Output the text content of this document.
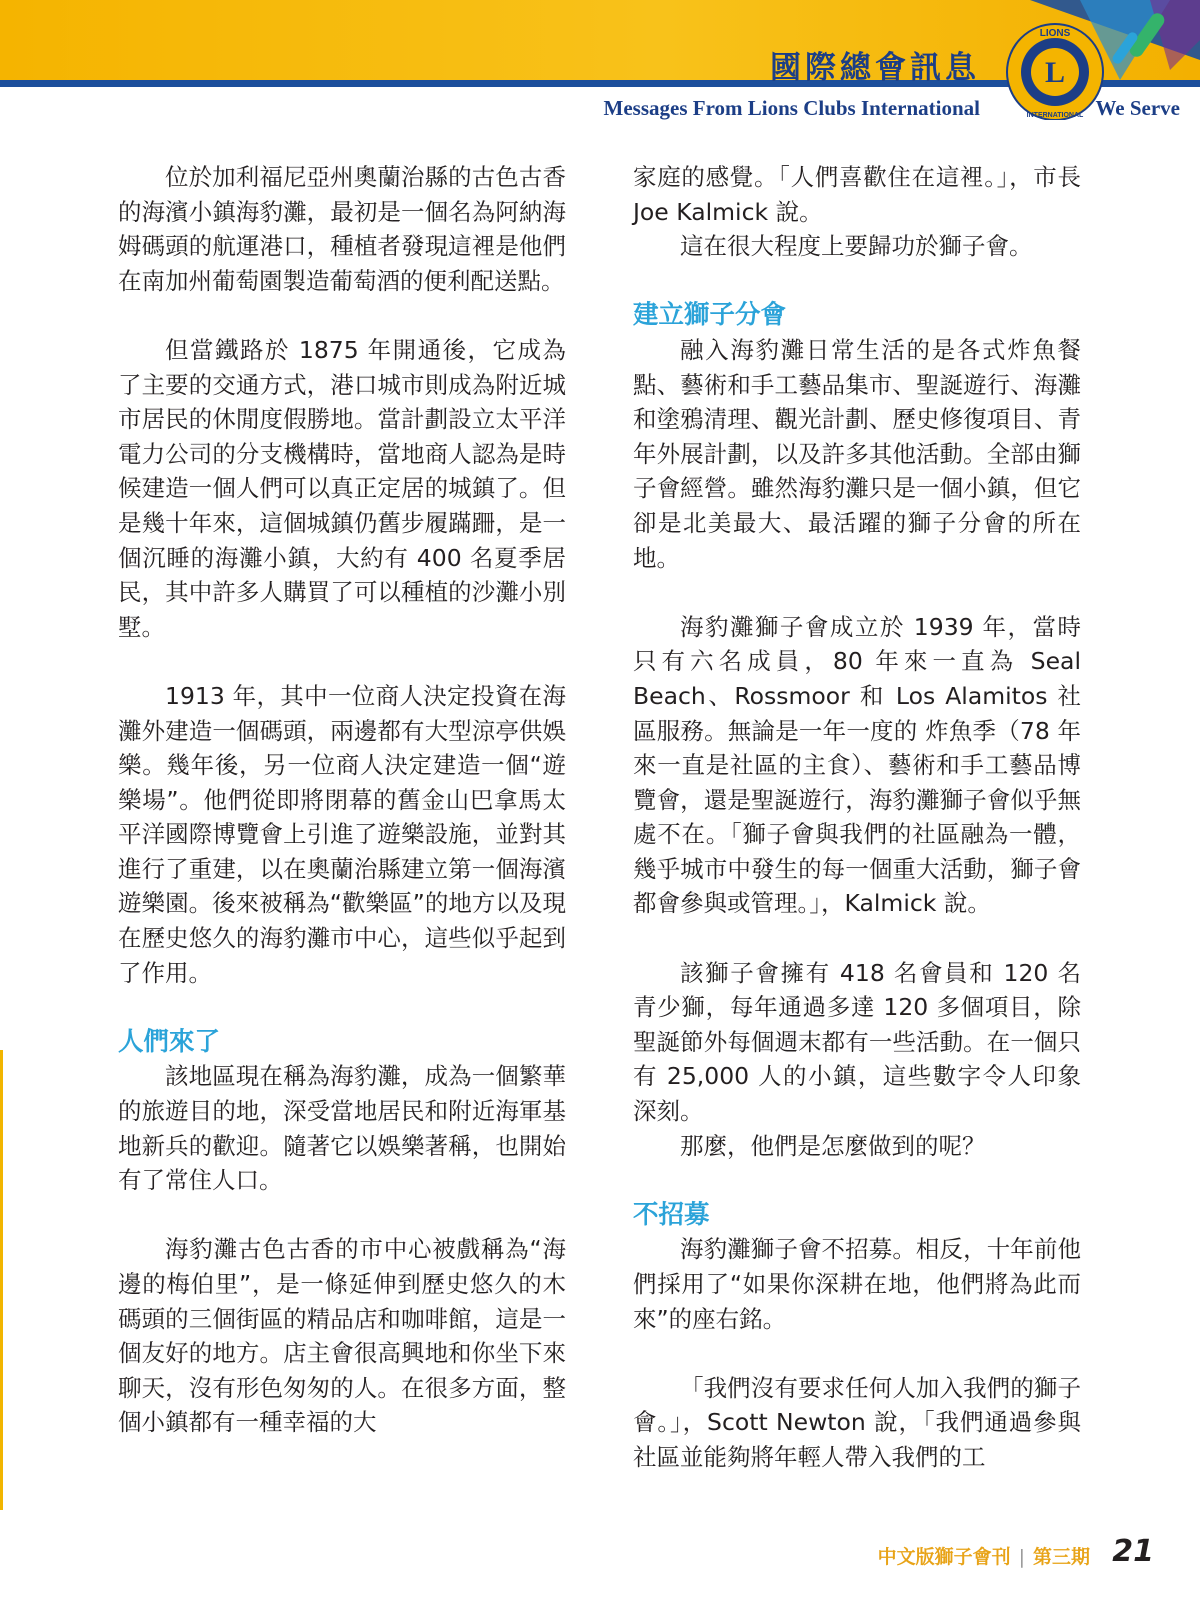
國際總會訊息
Messages From Lions Clubs International
L
LIONS
INTERNATIONAL We Serve

位於加利福尼亞州奧蘭治縣的古色古香的海濱小鎮海豹灘，最初是一個名為阿納海姆碼頭的航運港口，種植者發現這裡是他們在南加州葡萄園製造葡萄酒的便利配送點。

但當鐵路於 1875 年開通後，它成為了主要的交通方式，港口城市則成為附近城市居民的休閒度假勝地。當計劃設立太平洋電力公司的分支機構時，當地商人認為是時候建造一個人們可以真正定居的城鎮了。但是幾十年來，這個城鎮仍舊步履蹣跚，是一個沉睡的海灘小鎮，大約有 400 名夏季居民，其中許多人購買了可以種植的沙灘小別墅。

1913 年，其中一位商人決定投資在海灘外建造一個碼頭，兩邊都有大型涼亭供娛樂。幾年後，另一位商人決定建造一個“遊樂場”。他們從即將閉幕的舊金山巴拿馬太平洋國際博覽會上引進了遊樂設施，並對其進行了重建，以在奧蘭治縣建立第一個海濱遊樂園。後來被稱為“歡樂區”的地方以及現在歷史悠久的海豹灘市中心，這些似乎起到了作用。

人們來了

該地區現在稱為海豹灘，成為一個繁華的旅遊目的地，深受當地居民和附近海軍基地新兵的歡迎。隨著它以娛樂著稱，也開始有了常住人口。

海豹灘古色古香的市中心被戲稱為“海邊的梅伯里”，是一條延伸到歷史悠久的木碼頭的三個街區的精品店和咖啡館，這是一個友好的地方。店主會很高興地和你坐下來聊天，沒有形色匆匆的人。在很多方面，整個小鎮都有一種幸福的大

家庭的感覺。「人們喜歡住在這裡。」，市長 Joe Kalmick 說。

這在很大程度上要歸功於獅子會。

建立獅子分會

融入海豹灘日常生活的是各式炸魚餐點、藝術和手工藝品集市、聖誕遊行、海灘和塗鴉清理、觀光計劃、歷史修復項目、青年外展計劃，以及許多其他活動。全部由獅子會經營。雖然海豹灘只是一個小鎮，但它卻是北美最大、最活躍的獅子分會的所在地。

海豹灘獅子會成立於 1939 年，當時只有六名成員，80 年來一直為 Seal Beach、Rossmoor 和 Los Alamitos 社區服務。無論是一年一度的 炸魚季（78 年來一直是社區的主食）、藝術和手工藝品博覽會，還是聖誕遊行，海豹灘獅子會似乎無處不在。「獅子會與我們的社區融為一體，幾乎城市中發生的每一個重大活動，獅子會都會參與或管理。」，Kalmick 說。

該獅子會擁有 418 名會員和 120 名青少獅，每年通過多達 120 多個項目，除聖誕節外每個週末都有一些活動。在一個只有 25,000 人的小鎮，這些數字令人印象深刻。

那麼，他們是怎麼做到的呢？

不招募

海豹灘獅子會不招募。相反，十年前他們採用了“如果你深耕在地，他們將為此而來”的座右銘。

「我們沒有要求任何人加入我們的獅子會。」，Scott Newton 說，「我們通過參與社區並能夠將年輕人帶入我們的工

中文版獅子會刊 | 第三期 21
